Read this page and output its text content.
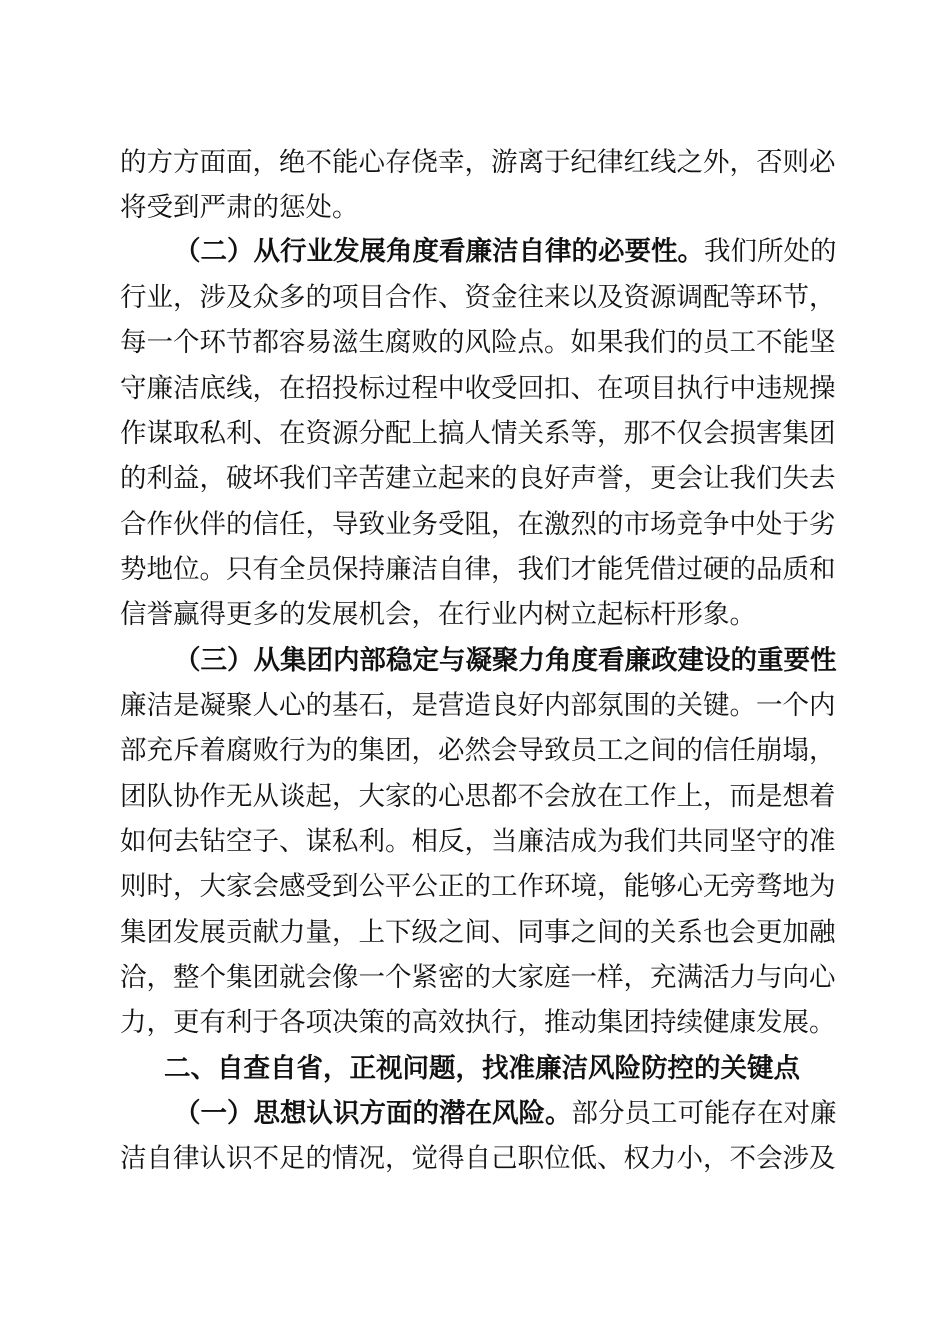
的方方面面，绝不能心存侥幸，游离于纪律红线之外，否则必
将受到严肃的惩处。
（二）从行业发展角度看廉洁自律的必要性。我们所处的
行业，涉及众多的项目合作、资金往来以及资源调配等环节，
每一个环节都容易滋生腐败的风险点。如果我们的员工不能坚
守廉洁底线，在招投标过程中收受回扣、在项目执行中违规操
作谋取私利、在资源分配上搞人情关系等，那不仅会损害集团
的利益，破坏我们辛苦建立起来的良好声誉，更会让我们失去
合作伙伴的信任，导致业务受阻，在激烈的市场竞争中处于劣
势地位。只有全员保持廉洁自律，我们才能凭借过硬的品质和
信誉赢得更多的发展机会，在行业内树立起标杆形象。
（三）从集团内部稳定与凝聚力角度看廉政建设的重要性
廉洁是凝聚人心的基石，是营造良好内部氛围的关键。一个内
部充斥着腐败行为的集团，必然会导致员工之间的信任崩塌，
团队协作无从谈起，大家的心思都不会放在工作上，而是想着
如何去钻空子、谋私利。相反，当廉洁成为我们共同坚守的准
则时，大家会感受到公平公正的工作环境，能够心无旁骛地为
集团发展贡献力量，上下级之间、同事之间的关系也会更加融
洽，整个集团就会像一个紧密的大家庭一样，充满活力与向心
力，更有利于各项决策的高效执行，推动集团持续健康发展。
二、自查自省，正视问题，找准廉洁风险防控的关键点
（一）思想认识方面的潜在风险。部分员工可能存在对廉
洁自律认识不足的情况，觉得自己职位低、权力小，不会涉及
